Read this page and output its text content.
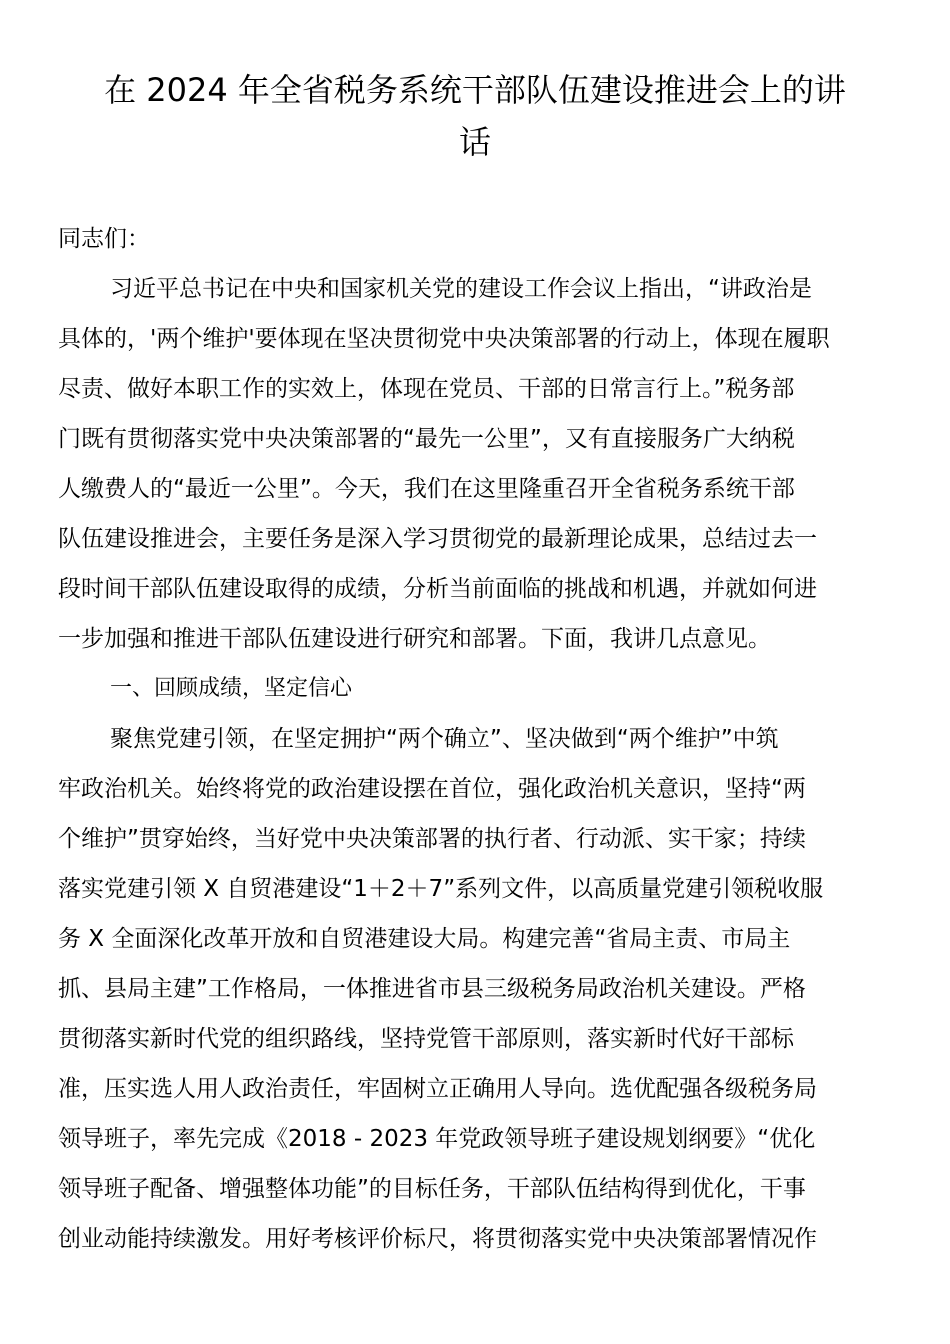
在 2024 年全省税务系统干部队伍建设推进会上的讲
话
同志们：
习近平总书记在中央和国家机关党的建设工作会议上指出，“讲政治是
具体的，'两个维护'要体现在坚决贯彻党中央决策部署的行动上，体现在履职
尽责、做好本职工作的实效上，体现在党员、干部的日常言行上。”税务部
门既有贯彻落实党中央决策部署的“最先一公里”，又有直接服务广大纳税
人缴费人的“最近一公里”。今天，我们在这里隆重召开全省税务系统干部
队伍建设推进会，主要任务是深入学习贯彻党的最新理论成果，总结过去一
段时间干部队伍建设取得的成绩，分析当前面临的挑战和机遇，并就如何进
一步加强和推进干部队伍建设进行研究和部署。下面，我讲几点意见。
一、回顾成绩，坚定信心
聚焦党建引领，在坚定拥护“两个确立”、坚决做到“两个维护”中筑
牢政治机关。始终将党的政治建设摆在首位，强化政治机关意识，坚持“两
个维护”贯穿始终，当好党中央决策部署的执行者、行动派、实干家；持续
落实党建引领 X 自贸港建设“1＋2＋7”系列文件，以高质量党建引领税收服
务 X 全面深化改革开放和自贸港建设大局。构建完善“省局主责、市局主
抓、县局主建”工作格局，一体推进省市县三级税务局政治机关建设。严格
贯彻落实新时代党的组织路线，坚持党管干部原则，落实新时代好干部标
准，压实选人用人政治责任，牢固树立正确用人导向。选优配强各级税务局
领导班子，率先完成《2018 - 2023 年党政领导班子建设规划纲要》“优化
领导班子配备、增强整体功能”的目标任务，干部队伍结构得到优化，干事
创业动能持续激发。用好考核评价标尺，将贯彻落实党中央决策部署情况作
